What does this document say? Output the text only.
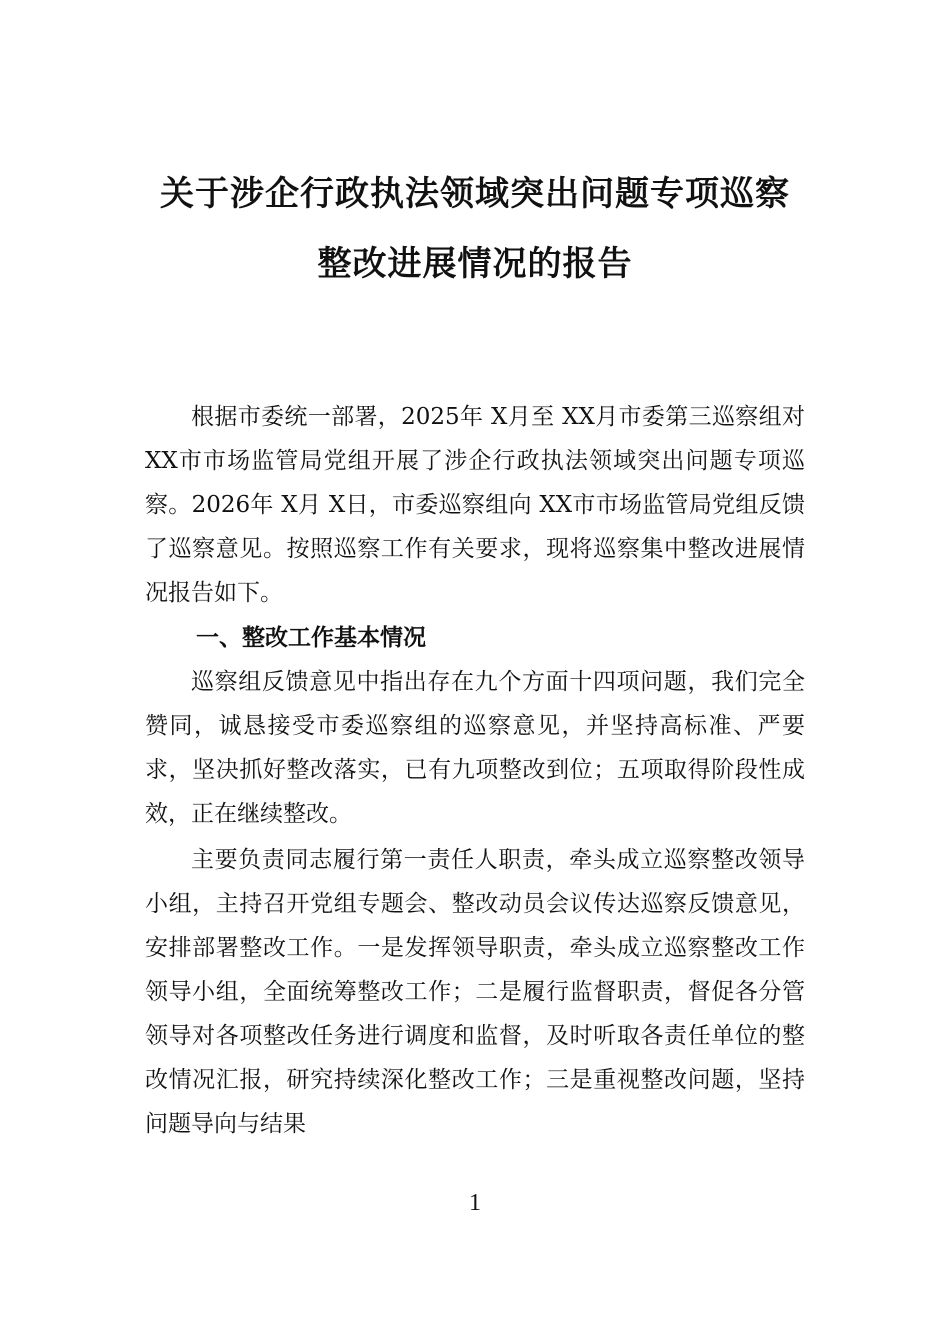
关于涉企行政执法领域突出问题专项巡察
整改进展情况的报告

根据市委统一部署，2025年 X月至 XX月市委第三巡察组对 XX市市场监管局党组开展了涉企行政执法领域突出问题专项巡察。2026年 X月 X日，市委巡察组向 XX市市场监管局党组反馈了巡察意见。按照巡察工作有关要求，现将巡察集中整改进展情况报告如下。

一、整改工作基本情况

巡察组反馈意见中指出存在九个方面十四项问题，我们完全赞同，诚恳接受市委巡察组的巡察意见，并坚持高标准、严要求，坚决抓好整改落实，已有九项整改到位；五项取得阶段性成效，正在继续整改。

主要负责同志履行第一责任人职责，牵头成立巡察整改领导小组，主持召开党组专题会、整改动员会议传达巡察反馈意见，安排部署整改工作。一是发挥领导职责，牵头成立巡察整改工作领导小组，全面统筹整改工作；二是履行监督职责，督促各分管领导对各项整改任务进行调度和监督，及时听取各责任单位的整改情况汇报，研究持续深化整改工作；三是重视整改问题，坚持问题导向与结果

1
